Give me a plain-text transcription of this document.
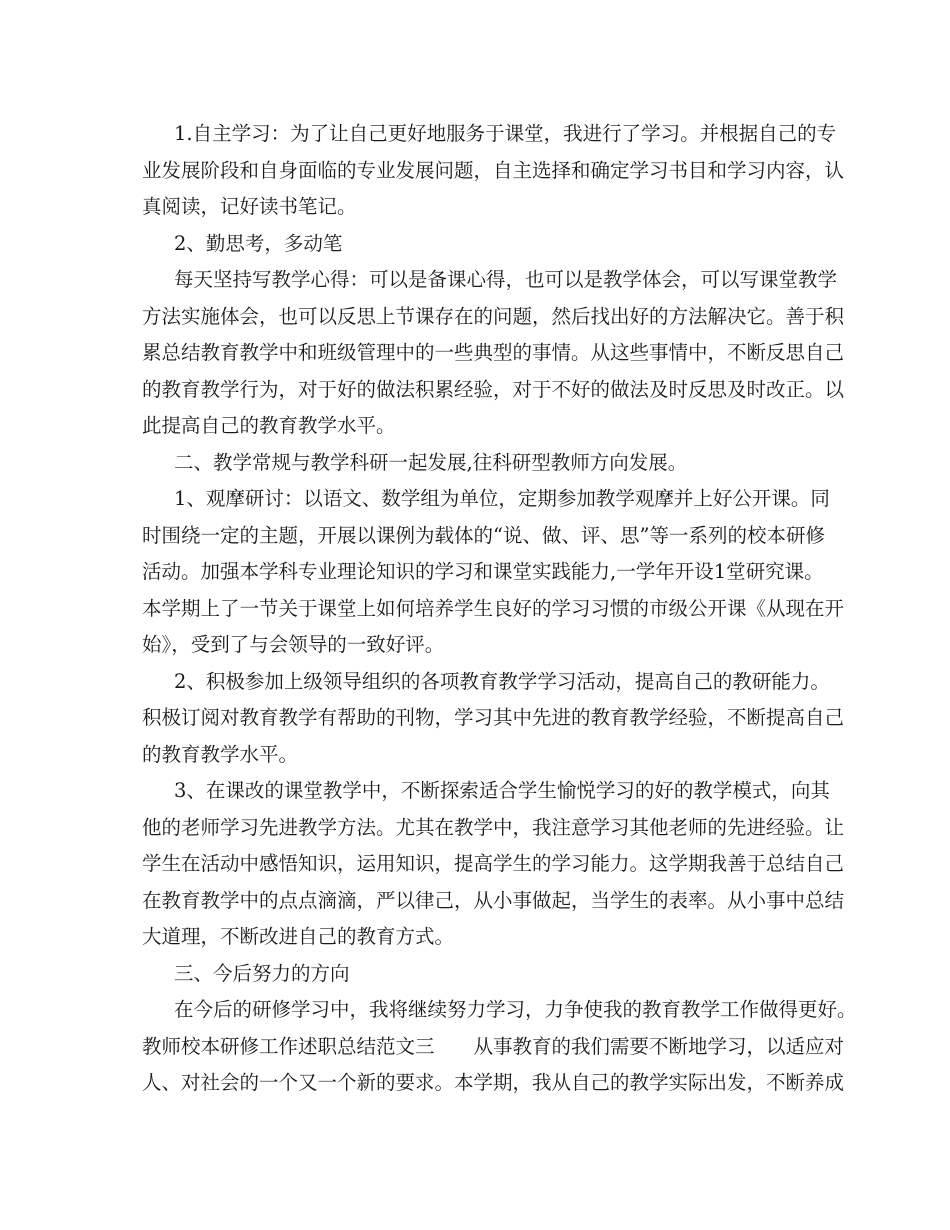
1.自主学习：为了让自己更好地服务于课堂，我进行了学习。并根据自己的专
业发展阶段和自身面临的专业发展问题，自主选择和确定学习书目和学习内容，认
真阅读，记好读书笔记。
2、勤思考，多动笔
每天坚持写教学心得：可以是备课心得，也可以是教学体会，可以写课堂教学
方法实施体会，也可以反思上节课存在的问题，然后找出好的方法解决它。善于积
累总结教育教学中和班级管理中的一些典型的事情。从这些事情中，不断反思自己
的教育教学行为，对于好的做法积累经验，对于不好的做法及时反思及时改正。以
此提高自己的教育教学水平。
二、教学常规与教学科研一起发展,往科研型教师方向发展。
1、观摩研讨：以语文、数学组为单位，定期参加教学观摩并上好公开课。同
时围绕一定的主题，开展以课例为载体的“说、做、评、思”等一系列的校本研修
活动。加强本学科专业理论知识的学习和课堂实践能力,一学年开设1堂研究课。
本学期上了一节关于课堂上如何培养学生良好的学习习惯的市级公开课《从现在开
始》，受到了与会领导的一致好评。
2、积极参加上级领导组织的各项教育教学学习活动，提高自己的教研能力。
积极订阅对教育教学有帮助的刊物，学习其中先进的教育教学经验，不断提高自己
的教育教学水平。
3、在课改的课堂教学中，不断探索适合学生愉悦学习的好的教学模式，向其
他的老师学习先进教学方法。尤其在教学中，我注意学习其他老师的先进经验。让
学生在活动中感悟知识，运用知识，提高学生的学习能力。这学期我善于总结自己
在教育教学中的点点滴滴，严以律己，从小事做起，当学生的表率。从小事中总结
大道理，不断改进自己的教育方式。
三、今后努力的方向
在今后的研修学习中，我将继续努力学习，力争使我的教育教学工作做得更好。
教师校本研修工作述职总结范文三　　从事教育的我们需要不断地学习，以适应对
人、对社会的一个又一个新的要求。本学期，我从自己的教学实际出发，不断养成
